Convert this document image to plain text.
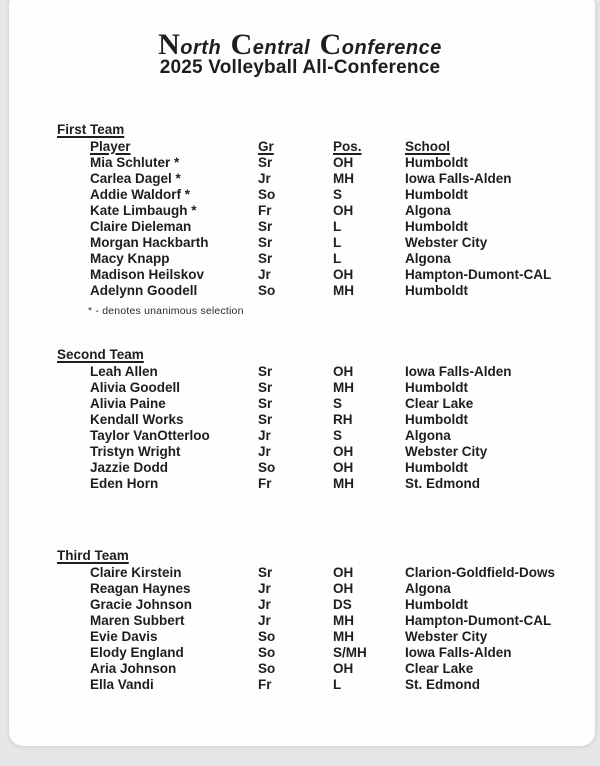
North Central Conference
2025 Volleyball All-Conference
First Team
Player	Gr	Pos.	School
Mia Schluter *	Sr	OH	Humboldt
Carlea Dagel *	Jr	MH	Iowa Falls-Alden
Addie Waldorf *	So	S	Humboldt
Kate Limbaugh *	Fr	OH	Algona
Claire Dieleman	Sr	L	Humboldt
Morgan Hackbarth	Sr	L	Webster City
Macy Knapp	Sr	L	Algona
Madison Heilskov	Jr	OH	Hampton-Dumont-CAL
Adelynn Goodell	So	MH	Humboldt
* - denotes unanimous selection
Second Team
Leah Allen	Sr	OH	Iowa Falls-Alden
Alivia Goodell	Sr	MH	Humboldt
Alivia Paine	Sr	S	Clear Lake
Kendall Works	Sr	RH	Humboldt
Taylor VanOtterloo	Jr	S	Algona
Tristyn Wright	Jr	OH	Webster City
Jazzie Dodd	So	OH	Humboldt
Eden Horn	Fr	MH	St. Edmond
Third Team
Claire Kirstein	Sr	OH	Clarion-Goldfield-Dows
Reagan Haynes	Jr	OH	Algona
Gracie Johnson	Jr	DS	Humboldt
Maren Subbert	Jr	MH	Hampton-Dumont-CAL
Evie Davis	So	MH	Webster City
Elody England	So	S/MH	Iowa Falls-Alden
Aria Johnson	So	OH	Clear Lake
Ella Vandi	Fr	L	St. Edmond
